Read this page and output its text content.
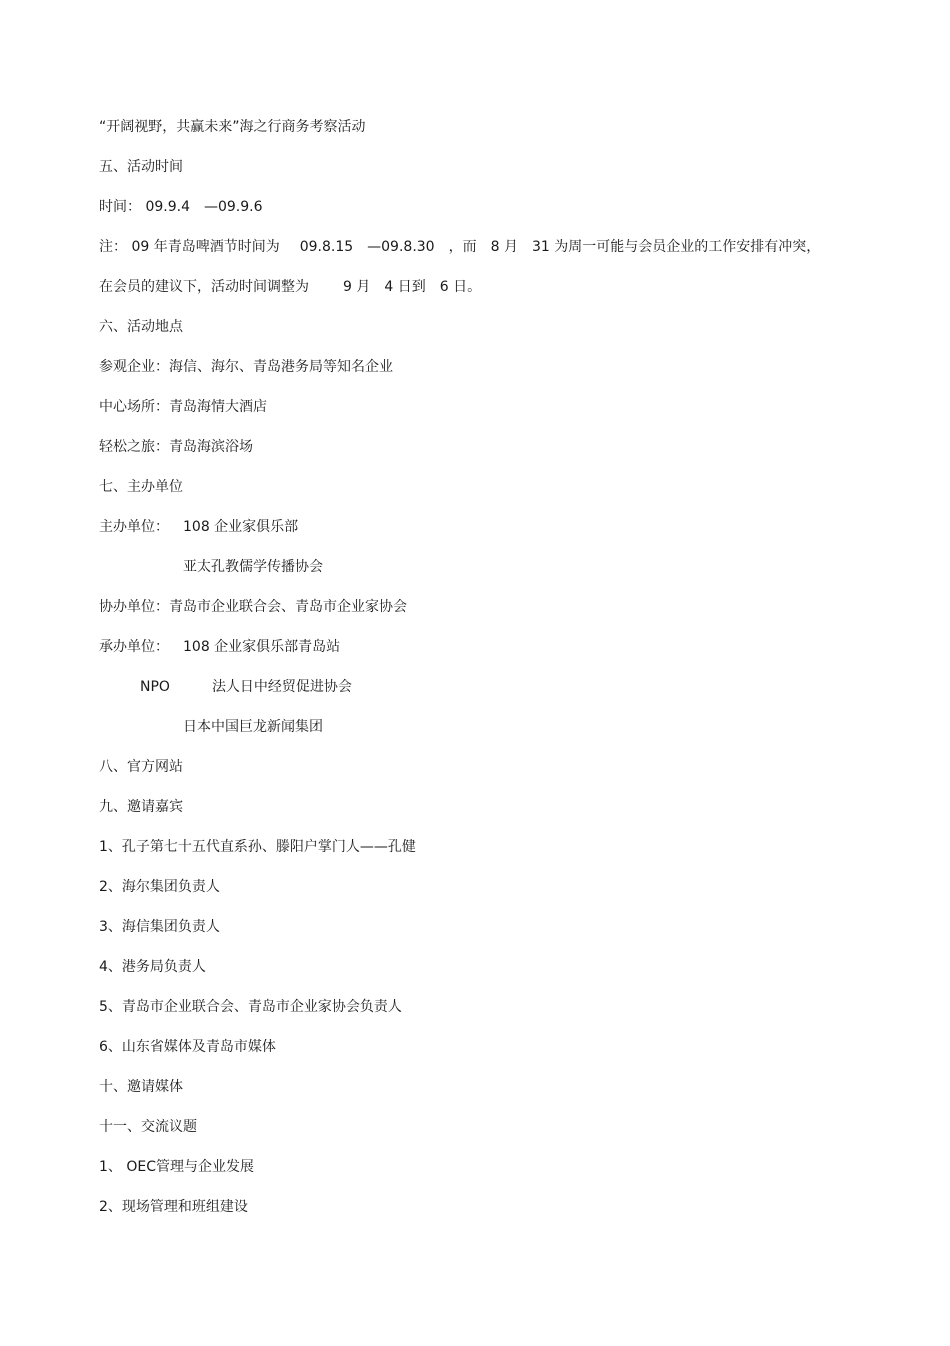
“开阔视野，共赢未来”海之行商务考察活动
五、活动时间
时间： 09.9.4　—09.9.6
注： 09 年青岛啤酒节时间为 09.8.15　—09.8.30　，而　8 月　31 为周一可能与会员企业的工作安排有冲突，
在会员的建议下，活动时间调整为 9 月　4 日到　6 日。
六、活动地点
参观企业：海信、海尔、青岛港务局等知名企业
中心场所：青岛海情大酒店
轻松之旅：青岛海滨浴场
七、主办单位
主办单位： 108 企业家俱乐部
亚太孔教儒学传播协会
协办单位：青岛市企业联合会、青岛市企业家协会
承办单位： 108 企业家俱乐部青岛站
NPO	法人日中经贸促进协会
日本中国巨龙新闻集团
八、官方网站
九、邀请嘉宾
1、孔子第七十五代直系孙、滕阳户掌门人——孔健
2、海尔集团负责人
3、海信集团负责人
4、港务局负责人
5、青岛市企业联合会、青岛市企业家协会负责人
6、山东省媒体及青岛市媒体
十、邀请媒体
十一、交流议题
1、 OEC管理与企业发展
2、现场管理和班组建设
